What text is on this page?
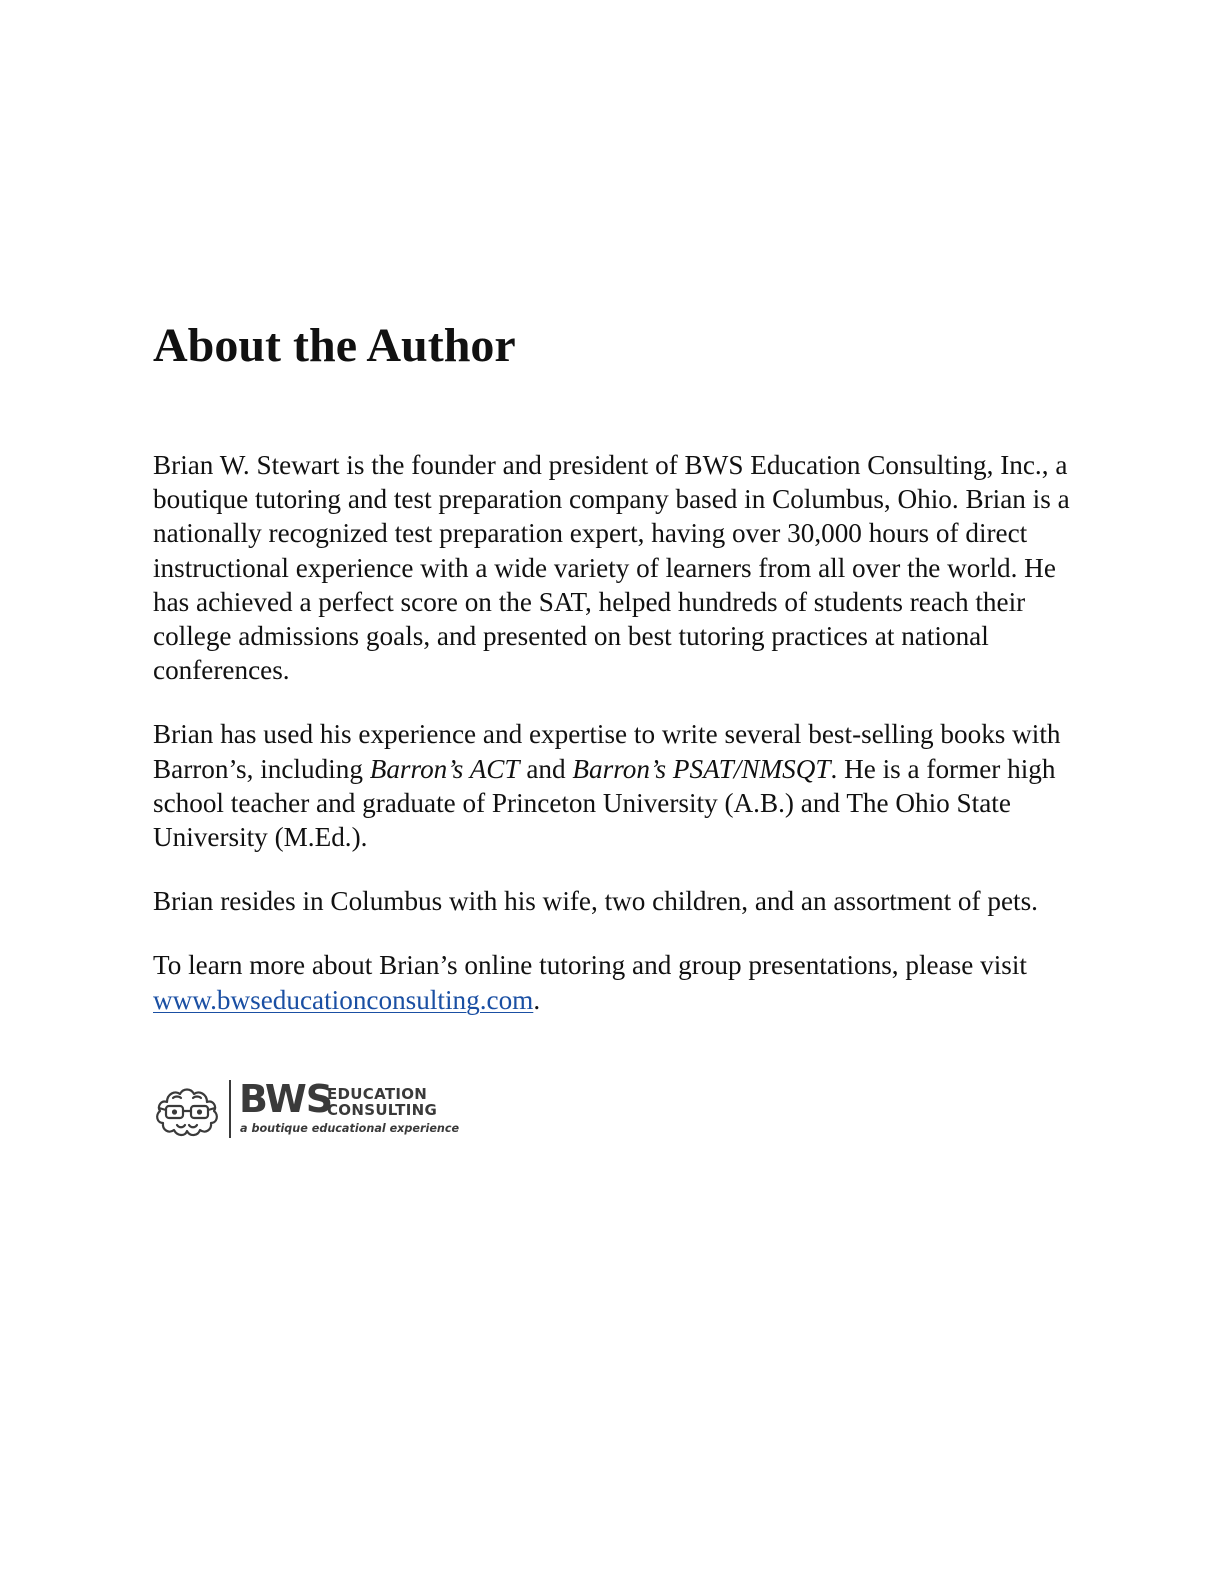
About the Author

Brian W. Stewart is the founder and president of BWS Education Consulting, Inc., a boutique tutoring and test preparation company based in Columbus, Ohio. Brian is a nationally recognized test preparation expert, having over 30,000 hours of direct instructional experience with a wide variety of learners from all over the world. He has achieved a perfect score on the SAT, helped hundreds of students reach their college admissions goals, and presented on best tutoring practices at national conferences.

Brian has used his experience and expertise to write several best-selling books with Barron’s, including Barron’s ACT and Barron’s PSAT/NMSQT. He is a former high school teacher and graduate of Princeton University (A.B.) and The Ohio State University (M.Ed.).

Brian resides in Columbus with his wife, two children, and an assortment of pets.

To learn more about Brian’s online tutoring and group presentations, please visit www.bwseducationconsulting.com.

BWS
EDUCATION
CONSULTING
a boutique educational experience
